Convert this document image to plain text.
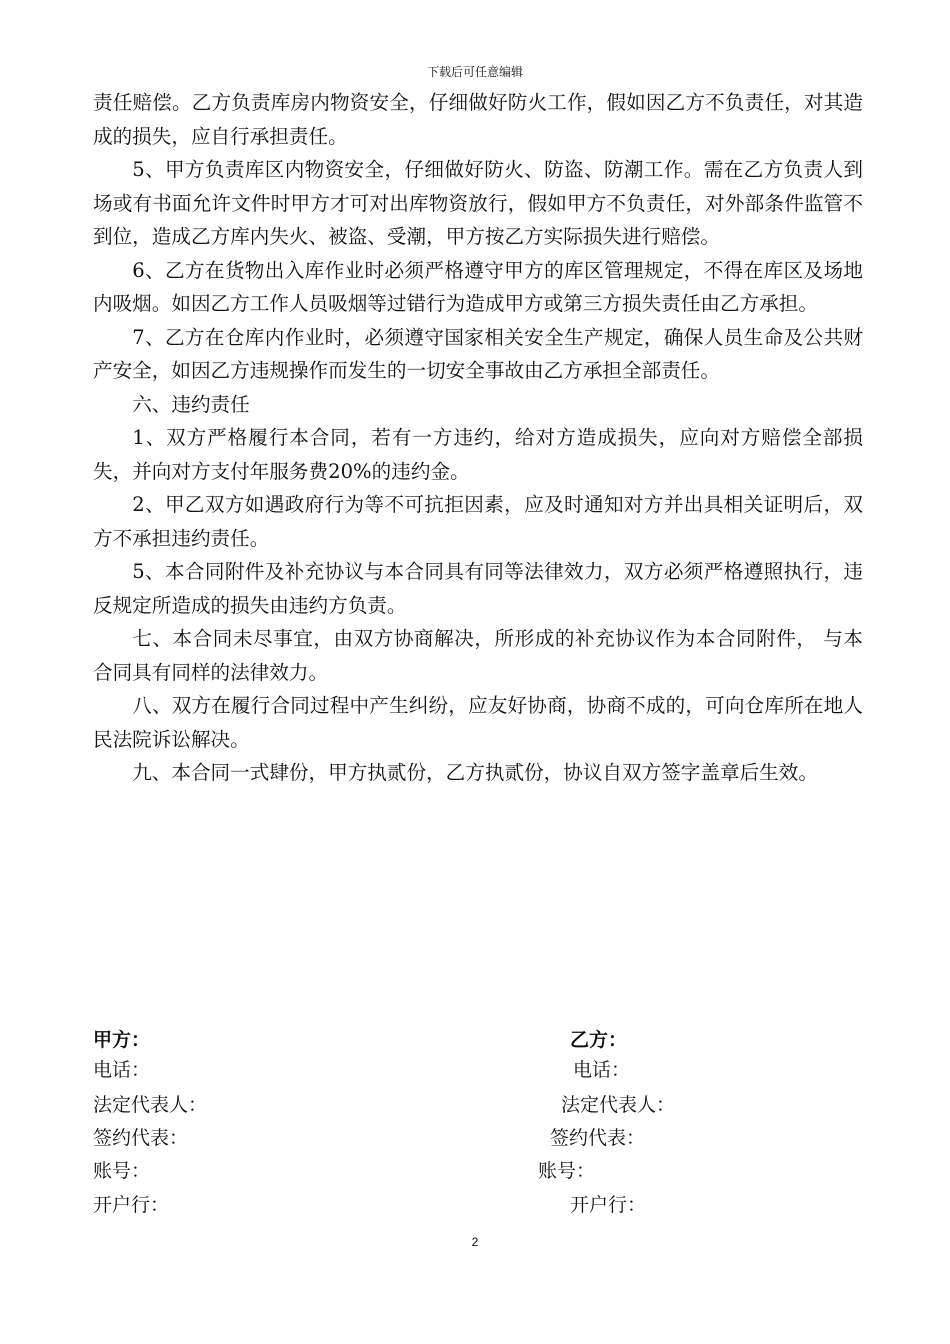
下载后可任意编辑

责任赔偿。乙方负责库房内物资安全，仔细做好防火工作，假如因乙方不负责任，对其造成的损失，应自行承担责任。

5、甲方负责库区内物资安全，仔细做好防火、防盗、防潮工作。需在乙方负责人到场或有书面允许文件时甲方才可对出库物资放行，假如甲方不负责任，对外部条件监管不到位，造成乙方库内失火、被盗、受潮，甲方按乙方实际损失进行赔偿。

6、乙方在货物出入库作业时必须严格遵守甲方的库区管理规定，不得在库区及场地内吸烟。如因乙方工作人员吸烟等过错行为造成甲方或第三方损失责任由乙方承担。

7、乙方在仓库内作业时，必须遵守国家相关安全生产规定，确保人员生命及公共财产安全，如因乙方违规操作而发生的一切安全事故由乙方承担全部责任。

六、违约责任

1、双方严格履行本合同，若有一方违约，给对方造成损失，应向对方赔偿全部损失，并向对方支付年服务费20%的违约金。

2、甲乙双方如遇政府行为等不可抗拒因素，应及时通知对方并出具相关证明后，双方不承担违约责任。

5、本合同附件及补充协议与本合同具有同等法律效力，双方必须严格遵照执行，违反规定所造成的损失由违约方负责。

七、本合同未尽事宜，由双方协商解决，所形成的补充协议作为本合同附件， 与本合同具有同样的法律效力。

八、双方在履行合同过程中产生纠纷，应友好协商，协商不成的，可向仓库所在地人民法院诉讼解决。

九、本合同一式肆份，甲方执贰份，乙方执贰份，协议自双方签字盖章后生效。

甲方：	乙方：
电话：	电话：
法定代表人：	法定代表人：
签约代表：	签约代表：
账号：	账号：
开户行：	开户行：
2
